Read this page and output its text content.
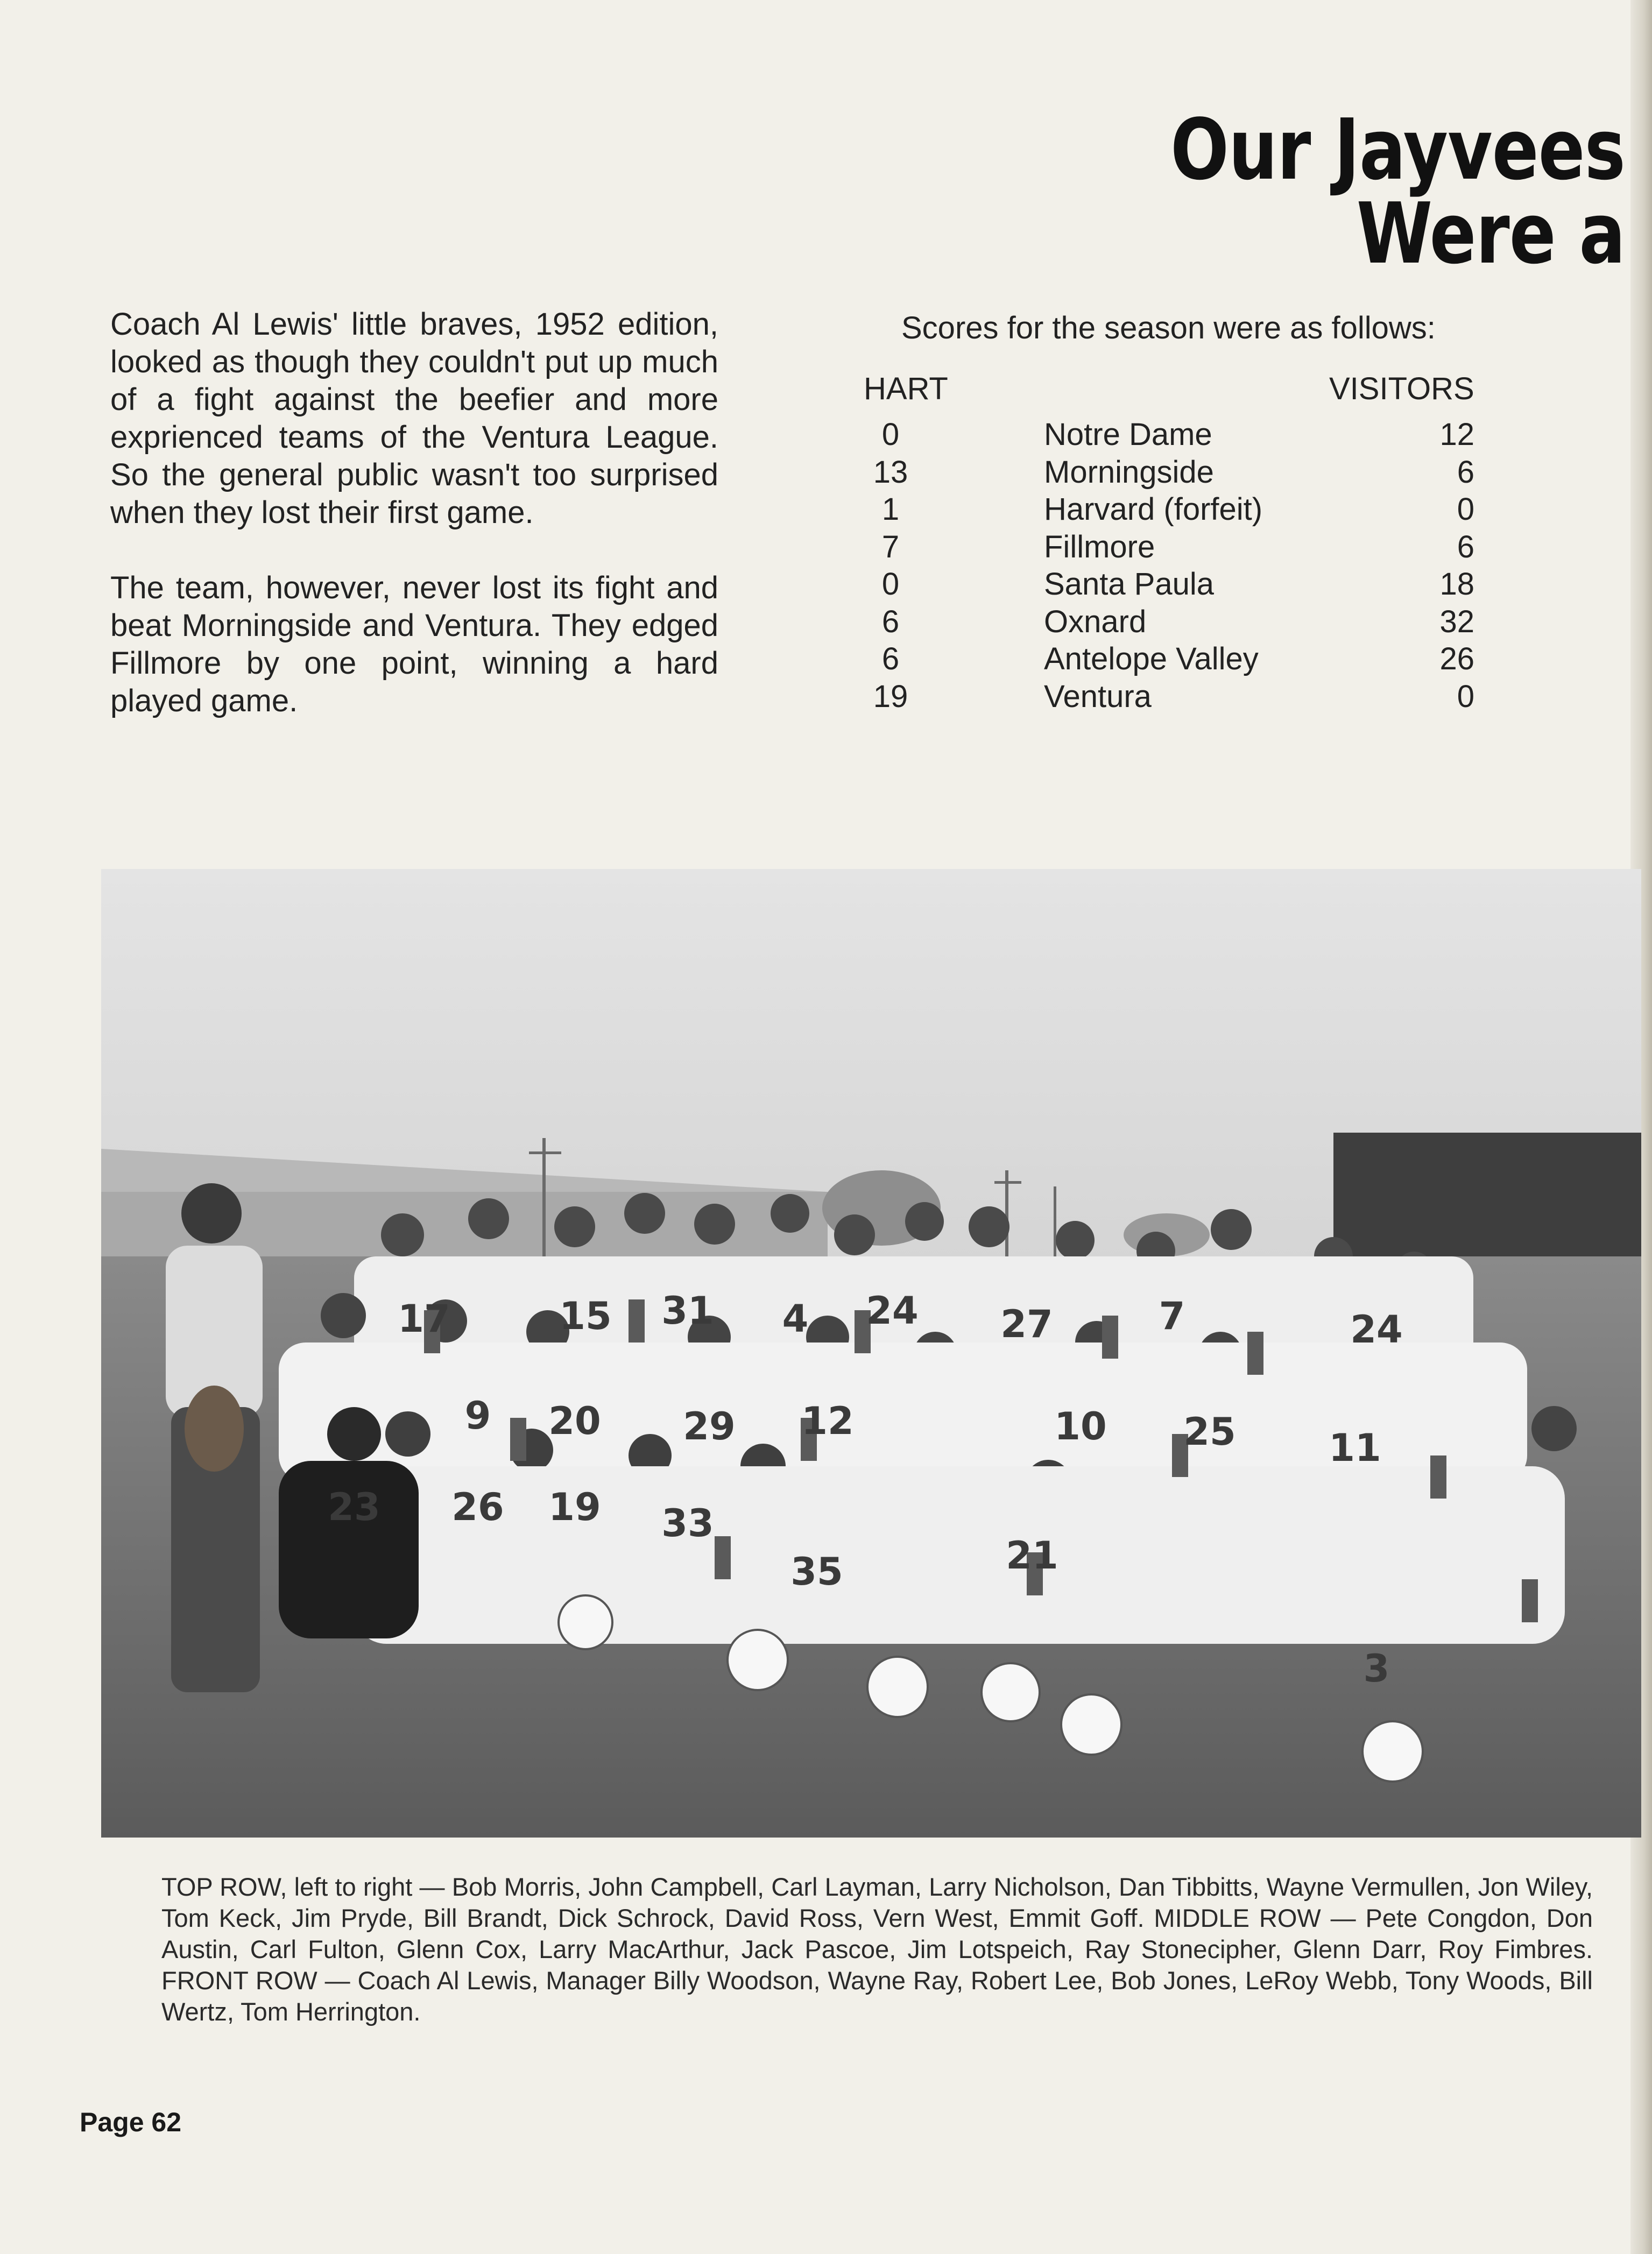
Our Jayvees Were a

Coach Al Lewis' little braves, 1952 edition, looked as though they couldn't put up much of a fight against the beefier and more exprienced teams of the Ventura League. So the general public wasn't too surprised when they lost their first game.

The team, however, never lost its fight and beat Morningside and Ventura. They edged Fillmore by one point, winning a hard played game.

Scores for the season were as follows:
HART	VISITORS
0		Notre Dame	12
13		Morningside	6
1		Harvard (forfeit)	0
7		Fillmore	6
0		Santa Paula	18
6		Oxnard	32
6		Antelope Valley	26
19		Ventura	0
17	15 31 4 24 27	7	24
9 20 29 12	10 25 11
23 26 19 33
35	21
3
TOP ROW, left to right — Bob Morris, John Campbell, Carl Layman, Larry Nicholson, Dan Tibbitts, Wayne Vermullen, Jon Wiley, Tom Keck, Jim Pryde, Bill Brandt, Dick Schrock, David Ross, Vern West, Emmit Goff. MIDDLE ROW — Pete Congdon, Don Austin, Carl Fulton, Glenn Cox, Larry MacArthur, Jack Pascoe, Jim Lotspeich, Ray Stonecipher, Glenn Darr, Roy Fimbres. FRONT ROW — Coach Al Lewis, Manager Billy Woodson, Wayne Ray, Robert Lee, Bob Jones, LeRoy Webb, Tony Woods, Bill Wertz, Tom Herrington.
Page 62
